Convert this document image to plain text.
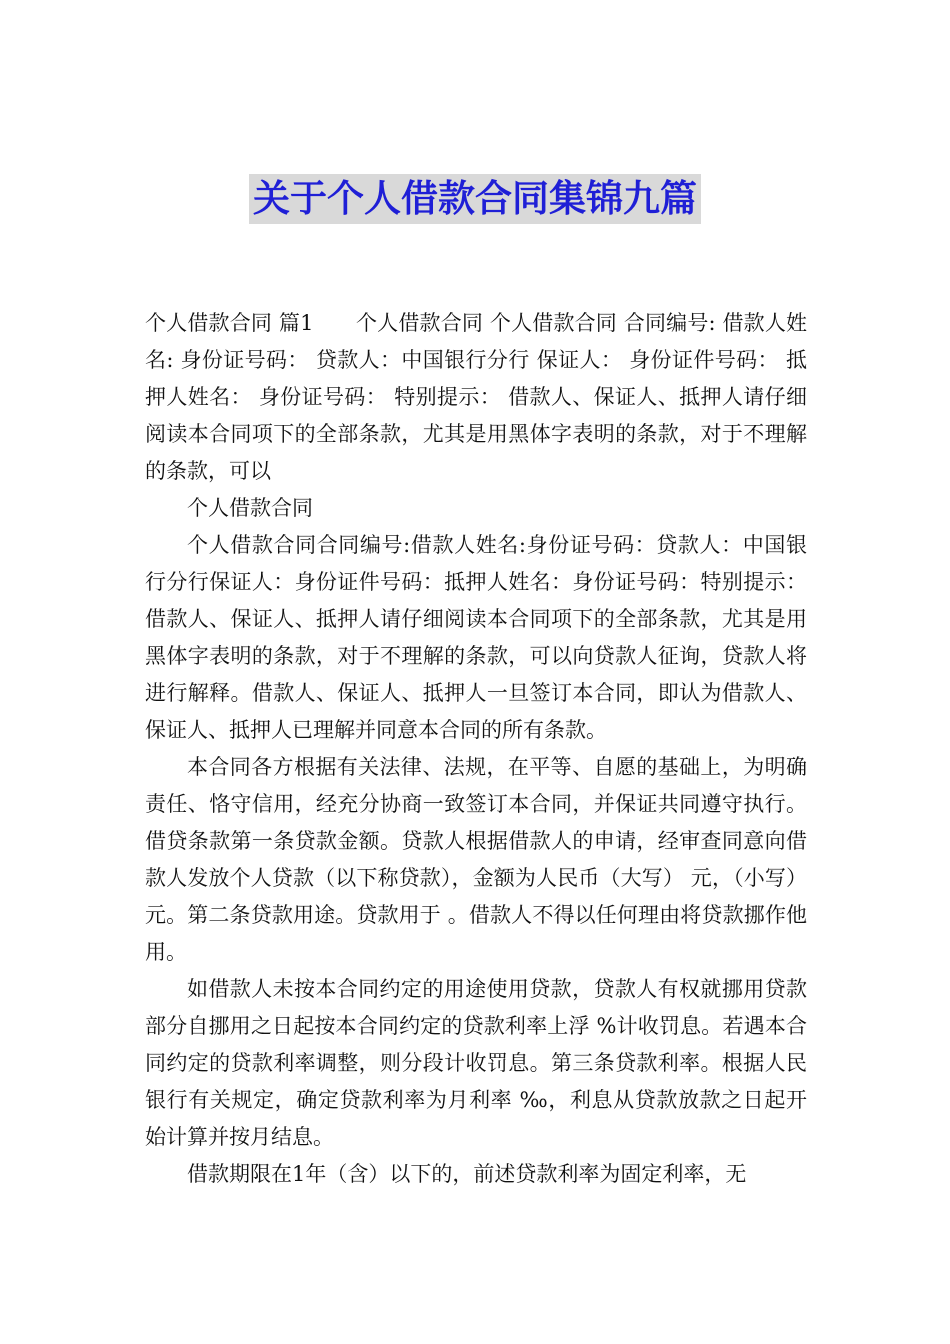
关于个人借款合同集锦九篇

个人借款合同 篇1　　个人借款合同 个人借款合同 合同编号: 借款人姓名: 身份证号码： 贷款人：中国银行分行 保证人： 身份证件号码： 抵押人姓名： 身份证号码： 特别提示： 借款人、保证人、抵押人请仔细阅读本合同项下的全部条款，尤其是用黑体字表明的条款，对于不理解的条款，可以

个人借款合同

个人借款合同合同编号:借款人姓名:身份证号码：贷款人：中国银行分行保证人：身份证件号码：抵押人姓名：身份证号码：特别提示：借款人、保证人、抵押人请仔细阅读本合同项下的全部条款，尤其是用黑体字表明的条款，对于不理解的条款，可以向贷款人征询，贷款人将进行解释。借款人、保证人、抵押人一旦签订本合同，即认为借款人、保证人、抵押人已理解并同意本合同的所有条款。

本合同各方根据有关法律、法规，在平等、自愿的基础上，为明确责任、恪守信用，经充分协商一致签订本合同，并保证共同遵守执行。借贷条款第一条贷款金额。贷款人根据借款人的申请，经审查同意向借款人发放个人贷款（以下称贷款），金额为人民币（大写） 元，（小写） 元。第二条贷款用途。贷款用于 。借款人不得以任何理由将贷款挪作他用。

如借款人未按本合同约定的用途使用贷款，贷款人有权就挪用贷款部分自挪用之日起按本合同约定的贷款利率上浮 %计收罚息。若遇本合同约定的贷款利率调整，则分段计收罚息。第三条贷款利率。根据人民银行有关规定，确定贷款利率为月利率 ‰，利息从贷款放款之日起开始计算并按月结息。

借款期限在1年（含）以下的，前述贷款利率为固定利率，无
